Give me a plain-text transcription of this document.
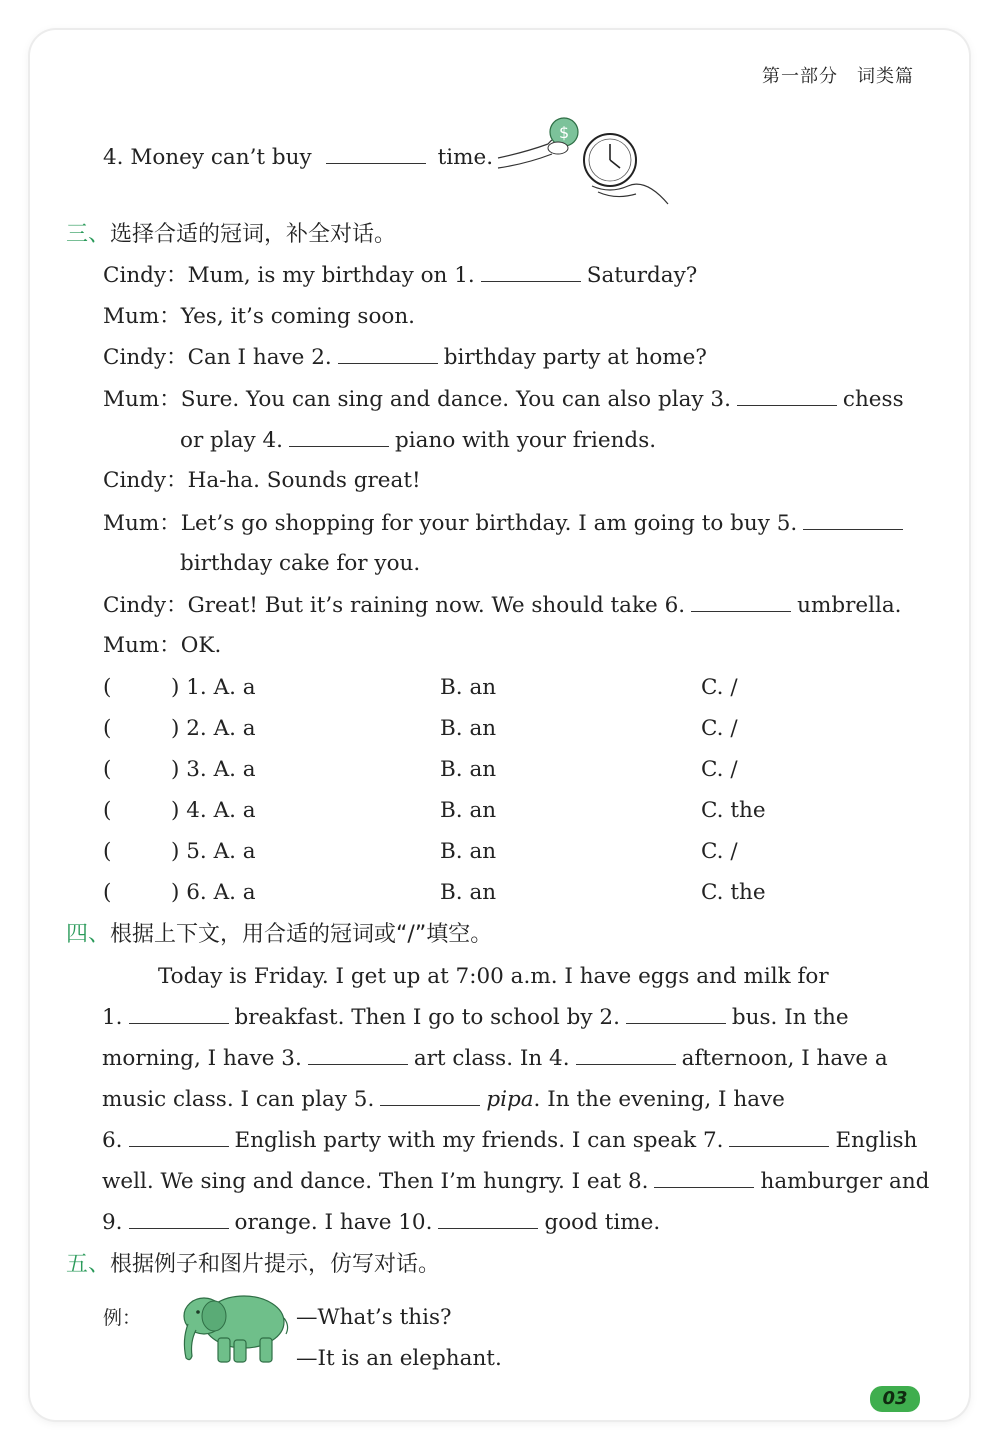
第一部分　词类篇
4. Money can’t buy	time.
$
三、选择合适的冠词，补全对话。
Cindy：Mum, is my birthday on 1.	Saturday?
Mum：Yes, it’s coming soon.
Cindy：Can I have 2.	birthday party at home?
Mum：Sure. You can sing and dance. You can also play 3.	chess
or play 4.	piano with your friends.
Cindy：Ha-ha. Sounds great!
Mum：Let’s go shopping for your birthday. I am going to buy 5.
birthday cake for you.
Cindy：Great! But it’s raining now. We should take 6.	umbrella.
Mum：OK.
(	) 1. A. a	B. an	C. /
(	) 2. A. a	B. an	C. /
(	) 3. A. a	B. an	C. /
(	) 4. A. a	B. an	C. the
(	) 5. A. a	B. an	C. /
(	) 6. A. a	B. an	C. the
四、根据上下文，用合适的冠词或“/”填空。
Today is Friday. I get up at 7:00 a.m. I have eggs and milk for
1.	breakfast. Then I go to school by 2.	bus. In the
morning, I have 3.	art class. In 4.	afternoon, I have a
music class. I can play 5.	pipa. In the evening, I have
6.	English party with my friends. I can speak 7.	English
well. We sing and dance. Then I’m hungry. I eat 8.	hamburger and
9.	orange. I have 10.	good time.
五、根据例子和图片提示，仿写对话。
例：	—What’s this?
—It is an elephant.
03
